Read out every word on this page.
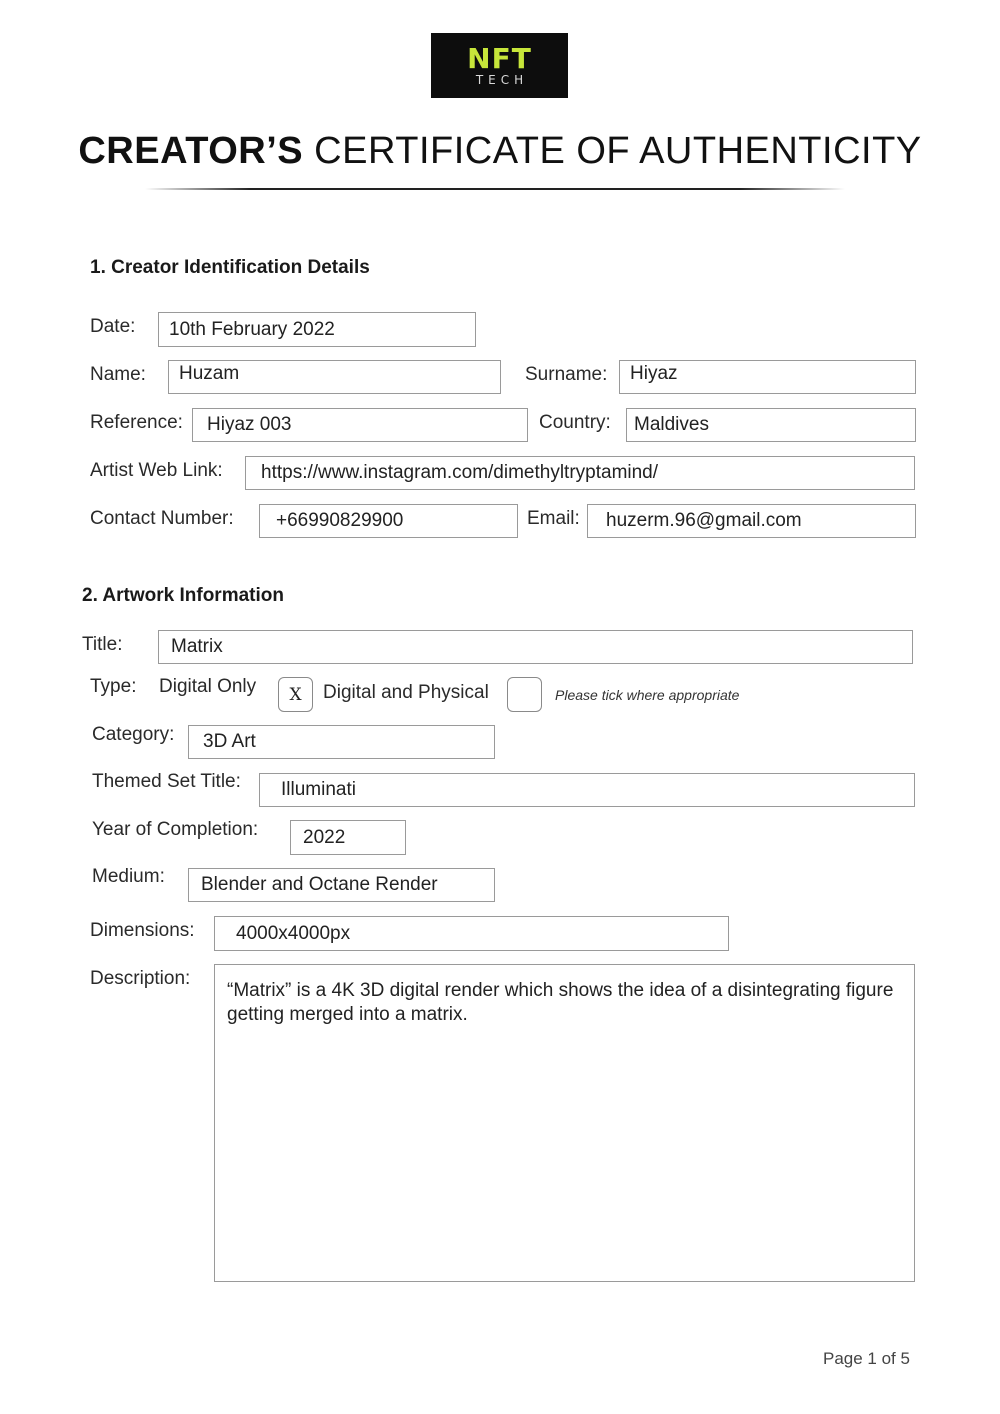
NFT
TECH
CREATOR’S CERTIFICATE OF AUTHENTICITY
1. Creator Identification Details
Date:	10th February 2022
Name:	Huzam	Surname:	Hiyaz
Reference:	Hiyaz 003	Country:	Maldives
Artist Web Link:	https://www.instagram.com/dimethyltryptamind/
Contact Number:	+66990829900	Email:	huzerm.96@gmail.com
2. Artwork Information
Title:	Matrix
Type: Digital Only	X	Digital and Physical	Please tick where appropriate
Category:	3D Art
Themed Set Title:	Illuminati
Year of Completion:	2022
Medium:	Blender and Octane Render
Dimensions:	4000x4000px
Description:
“Matrix” is a 4K 3D digital render which shows the idea of a disintegrating figure getting merged into a matrix.
Page 1 of 5
